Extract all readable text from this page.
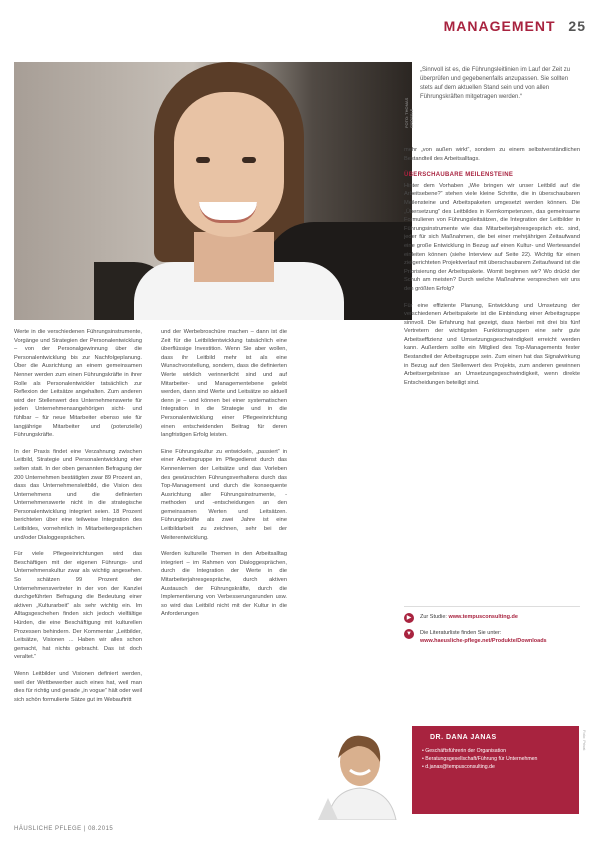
MANAGEMENT 25
FOTO: THOMAS GRÖSSLE
„Sinnvoll ist es, die Führungsleitlinien im Lauf der Zeit zu überprüfen und gegebenenfalls anzupassen. Sie sollten stets auf dem aktuellen Stand sein und von allen Führungskräften mitgetragen werden.“

Werte in die verschiedenen Führungsinstrumente, Vorgänge und Strategien der Personalentwicklung – von der Personalgewinnung über die Personalentwicklung bis zur Nachfolgeplanung. Über die Ausrichtung an einem gemeinsamen Nenner werden zum einen Führungskräfte in ihrer Rolle als Personalentwickler tatsächlich zur Reflexion der Leitsätze angehalten. Zum anderen wird der Stellenwert des Unternehmenswerte für jeden Unternehmensangehörigen sicht- und fühlbar – für neue Mitarbeiter ebenso wie für langjährige Mitarbeiter und (potenzielle) Führungskräfte.

In der Praxis findet eine Verzahnung zwischen Leitbild, Strategie und Personalentwicklung eher selten statt. In der oben genannten Befragung der 200 Unternehmen bestätigten zwar 89 Prozent an, dass das Unternehmensleitbild, die Vision des Unternehmens und die definierten Unternehmenswerte nicht in die strategische Personalentwicklung integriert seien. 18 Prozent berichteten über eine teilweise Integration des Leitbildes, vornehmlich in Mitarbeitergesprächen und/oder Dialoggesprächen.

Für viele Pflegeeinrichtungen wird das Beschäftigen mit der eigenen Führungs- und Unternehmenskultur zwar als wichtig angesehen. So schätzen 99 Prozent der Unternehmensvertreter in der von der Kanzlei durchgeführten Befragung die Bedeutung einer aktiven „Kulturarbeit“ als sehr wichtig ein. Im Alltagsgeschehen finden sich jedoch vielfältige Hürden, die eine Beschäftigung mit kulturellen Prozessen behindern. Der Kommentar „Leitbilder, Leitsätze, Visionen ... Haben wir alles schon gemacht, hat nichts gebracht. Das ist doch veraltet.“

Wenn Leitbilder und Visionen definiert werden, weil der Wettbewerber auch eines hat, weil man dies für richtig und gerade „in vogue“ hält oder weil sich schön formulierte Sätze gut im Webauftritt

und der Werbebroschüre machen – dann ist die Zeit für die Leitbildentwicklung tatsächlich eine überflüssige Investition. Wenn Sie aber wollen, dass ihr Leitbild mehr ist als eine Wunschvorstellung, sondern, dass die definierten Werte wirklich verinnerlicht sind und auf Mitarbeiter- und Managementebene gelebt werden, dann sind Werte und Leitsätze so aktuell denn je – und können bei einer systematischen Integration in die Strategie und in die Personalentwicklung einer Pflegeeinrichtung einen entscheidenden Beitrag für deren langfristigen Erfolg leisten.

Eine Führungskultur zu entwickeln, „passiert“ in einer Arbeitsgruppe im Pflegedienst durch das Kennenlernen der Leitsätze und das Vorleben des gewünschten Führungsverhaltens durch das Top-Management und durch die konsequente Ausrichtung aller Führungsinstrumente, -methoden und -entscheidungen an den gemeinsamen Werten und Leitsätzen. Führungskräfte als zwei Jahre ist eine Leitbildarbeit zu zeichnen, sehr bei der Weiterentwicklung.

Werden kulturelle Themen in den Arbeitsalltag integriert – im Rahmen von Dialoggesprächen, durch die Integration der Werte in die Mitarbeiterjahresgespräche, durch aktiven Austausch der Führungskräfte, durch die Implementierung von Verbesserungsrunden usw. so wird das Leitbild nicht mit der Kultur in die Anforderungen

mehr „von außen wirkt“, sondern zu einem selbstverständlichen Bestandteil des Arbeitsalltags.

ÜBERSCHAUBARE MEILENSTEINE

Hinter dem Vorhaben „Wie bringen wir unser Leitbild auf die Arbeitsebene?“ stehen viele kleine Schritte, die in überschaubaren Meilensteine und Arbeitspaketen umgesetzt werden können. Die „Übersetzung“ des Leitbildes in Kernkompetenzen, das gemeinsame Formulieren von Führungsleitsätzen, die Integration der Leitbilder in Führungsinstrumente wie das Mitarbeiterjahresgespräch etc. sind, jeder für sich Maßnahmen, die bei einer mehrjährigen Zeitaufwand eine große Entwicklung in Bezug auf einen Kultur- und Wertewandel einleiten können (siehe Interview auf Seite 22). Wichtig für einen zielgerichteten Projektverlauf mit überschaubarem Zeitaufwand ist die Priorisierung der Arbeitspakete. Womit beginnen wir? Wo drückt der Schuh am meisten? Durch welche Maßnahme versprechen wir uns den größten Erfolg?

Für eine effiziente Planung, Entwicklung und Umsetzung der verschiedenen Arbeitspakete ist die Einbindung einer Arbeitsgruppe sinnvoll. Die Erfahrung hat gezeigt, dass hierbei mit drei bis fünf Vertretern der wichtigsten Funktionsgruppen eine sehr gute Arbeitseffizienz und Umsetzungsgeschwindigkeit erreicht werden kann. Außerdem sollte ein Mitglied des Top-Managements fester Bestandteil der Arbeitsgruppe sein. Zum einen hat das Signalwirkung in Bezug auf den Stellenwert des Projekts, zum anderen gewinnen Arbeitsergebnisse an Umsetzungsgeschwindigkeit, wenn direkte Entscheidungen beteiligt sind.

▶	Zur Studie: www.tempusconsulting.de
▼	Die Literaturliste finden Sie unter:
www.haeusliche-pflege.net/Produkte/Downloads
DR. DANA JANAS
• Geschäftsführerin der Organisation
• Beratungsgesellschaft/Führung für Unternehmen
• d.janas@tempusconsulting.de
Foto: Privat
HÄUSLICHE PFLEGE | 08.2015
